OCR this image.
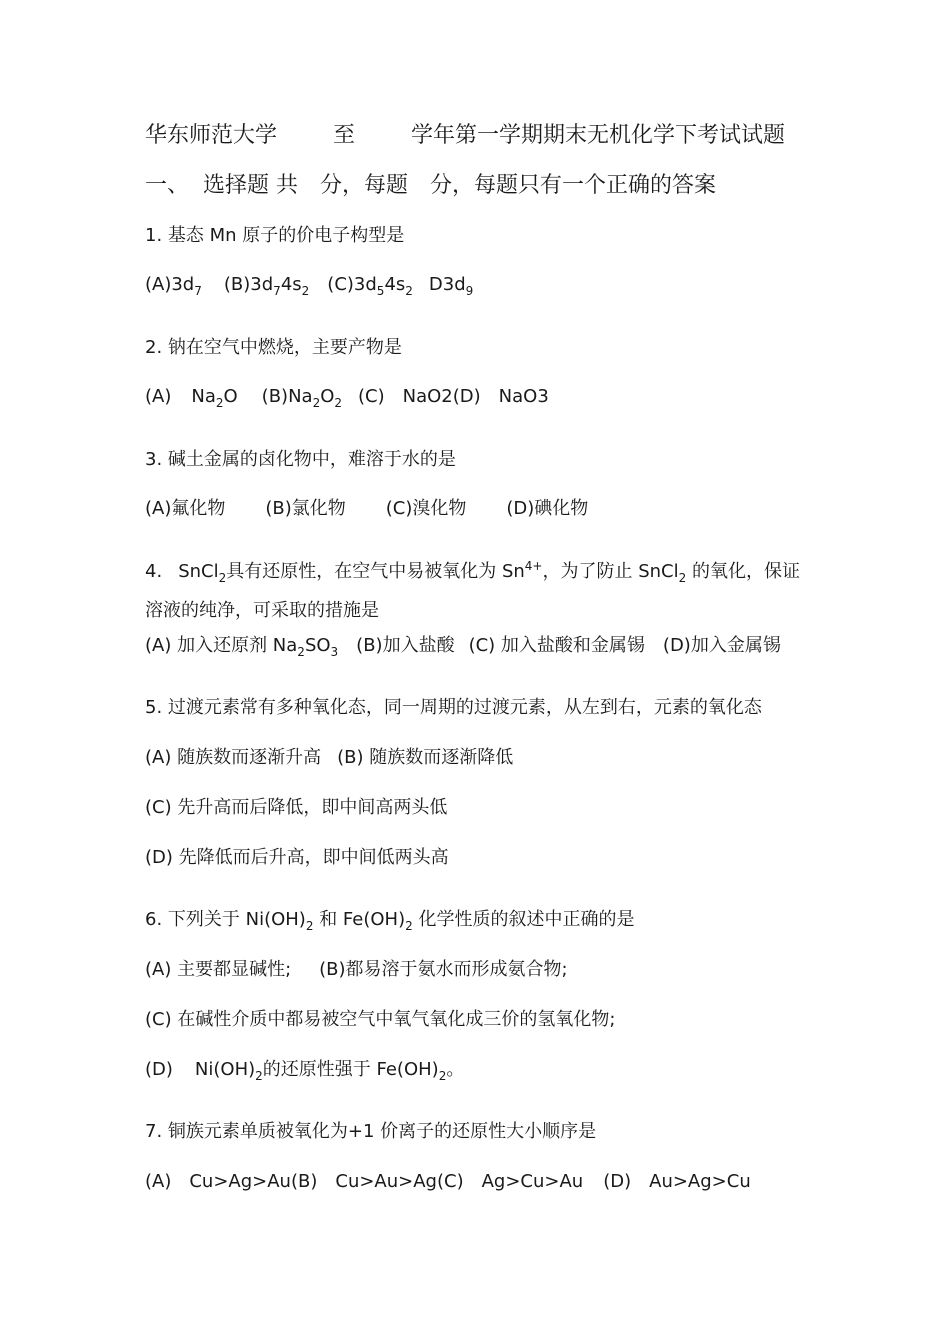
华东师范大学	至	学年第一学期期末无机化学下考试试题
一、 选择题 共 分，每题 分，每题只有一个正确的答案
1. 基态 Mn 原子的价电子构型是
$(A)3d_7$ $(B)3d_74s_2$ $(C)3d_54s_2$ $D3d_9$
2. 钠在空气中燃烧，主要产物是
(A) $Na_2O$ $(B)Na_2O_2$ (C) NaO2(D) NaO3
3. 碱土金属的卤化物中，难溶于水的是
(A)氟化物 (B)氯化物 (C)溴化物 (D)碘化物
4. SnCl$_2$具有还原性，在空气中易被氧化为 $Sn^{4+}$，为了防止 SnCl$_2$ 的氧化，保证
溶液的纯净，可采取的措施是
(A) 加入还原剂 $Na_2SO_3$ (B)加入盐酸 (C) 加入盐酸和金属锡 (D)加入金属锡
5. 过渡元素常有多种氧化态，同一周期的过渡元素，从左到右，元素的氧化态
(A) 随族数而逐渐升高 (B) 随族数而逐渐降低
(C) 先升高而后降低，即中间高两头低
(D) 先降低而后升高，即中间低两头高
6. 下列关于 $Ni(OH)_2$ 和 $Fe(OH)_2$ 化学性质的叙述中正确的是
(A) 主要都显碱性; (B)都易溶于氨水而形成氨合物;
(C) 在碱性介质中都易被空气中氧气氧化成三价的氢氧化物;
(D) $Ni(OH)_2$的还原性强于 $Fe(OH)_2$。
7. 铜族元素单质被氧化为+1 价离子的还原性大小顺序是
(A) Cu>Ag>Au(B) Cu>Au>Ag(C) Ag>Cu>Au (D) Au>Ag>Cu
